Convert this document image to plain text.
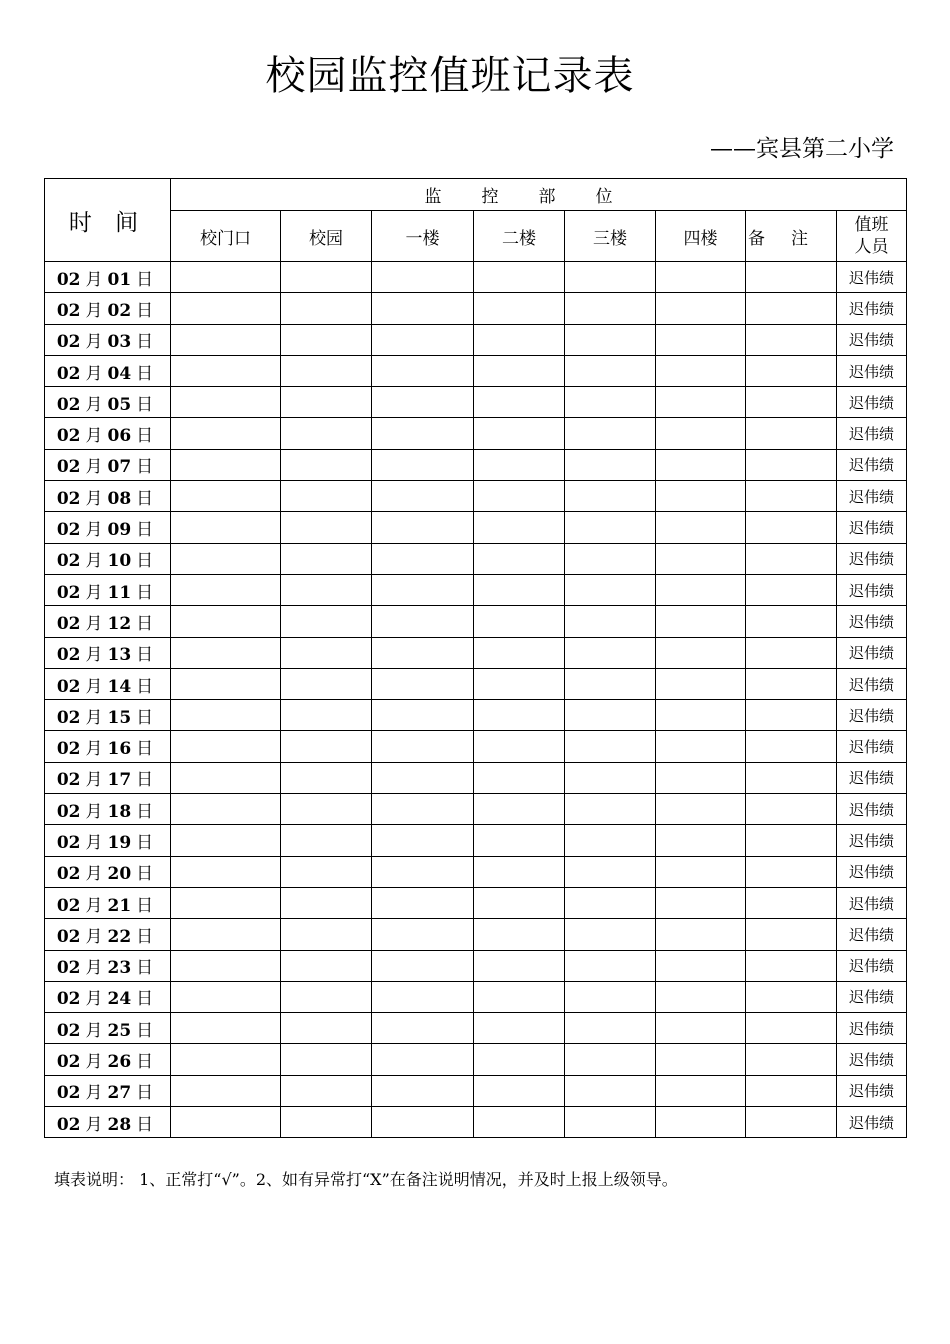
校园监控值班记录表
——宾县第二小学
时 间	监控部位							
	校门口	校园	一楼	二楼	三楼	四楼	备注	值班
人员
02 月 01 日								迟伟绩
02 月 02 日								迟伟绩
02 月 03 日								迟伟绩
02 月 04 日								迟伟绩
02 月 05 日								迟伟绩
02 月 06 日								迟伟绩
02 月 07 日								迟伟绩
02 月 08 日								迟伟绩
02 月 09 日								迟伟绩
02 月 10 日								迟伟绩
02 月 11 日								迟伟绩
02 月 12 日								迟伟绩
02 月 13 日								迟伟绩
02 月 14 日								迟伟绩
02 月 15 日								迟伟绩
02 月 16 日								迟伟绩
02 月 17 日								迟伟绩
02 月 18 日								迟伟绩
02 月 19 日								迟伟绩
02 月 20 日								迟伟绩
02 月 21 日								迟伟绩
02 月 22 日								迟伟绩
02 月 23 日								迟伟绩
02 月 24 日								迟伟绩
02 月 25 日								迟伟绩
02 月 26 日								迟伟绩
02 月 27 日								迟伟绩
02 月 28 日								迟伟绩
填表说明： 1、正常打“√”。2、如有异常打“X”在备注说明情况，并及时上报上级领导。
